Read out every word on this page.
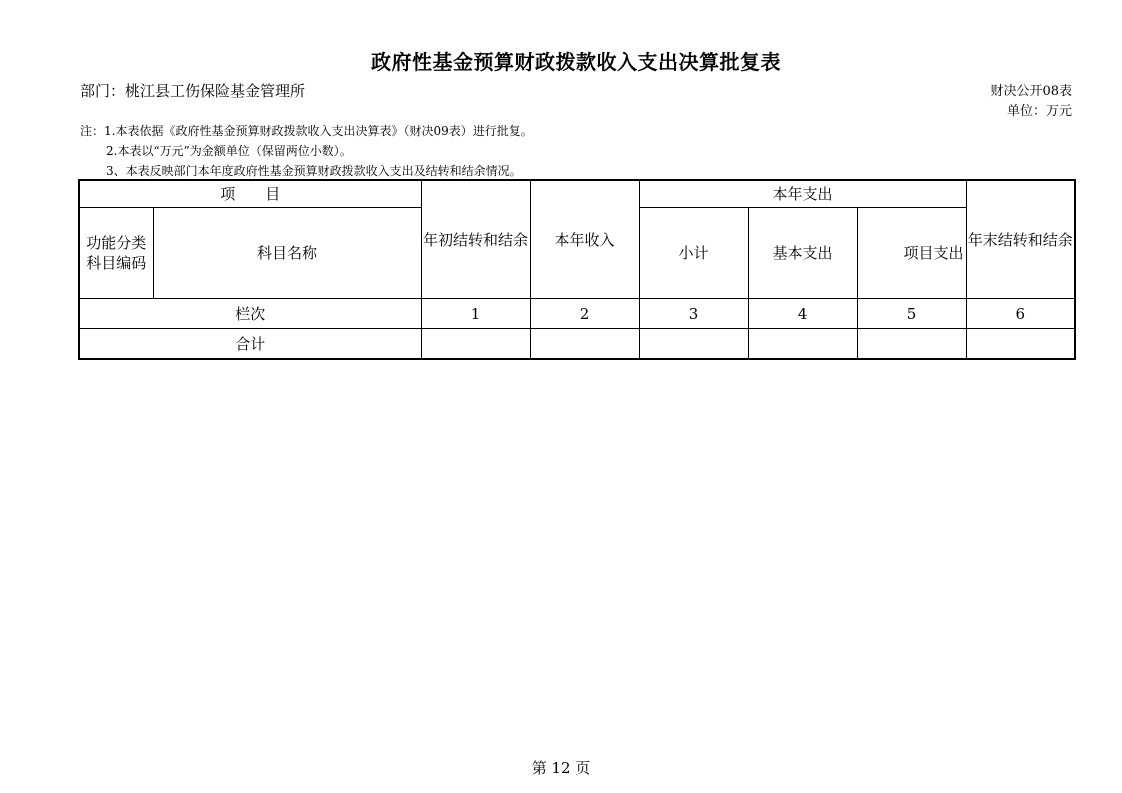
政府性基金预算财政拨款收入支出决算批复表
部门：桃江县工伤保险基金管理所	财决公开08表
单位：万元
注：1.本表依据《政府性基金预算财政拨款收入支出决算表》（财决09表）进行批复。
2.本表以“万元”为金额单位（保留两位小数）。
3、本表反映部门本年度政府性基金预算财政拨款收入支出及结转和结余情况。
项　　目		年初结转和结余	本年收入	本年支出			年末结转和结余
功能分类科目编码	科目名称			小计	基本支出	项目支出	
栏次		1	2	3	4	5	6
合计							
第 12 页
